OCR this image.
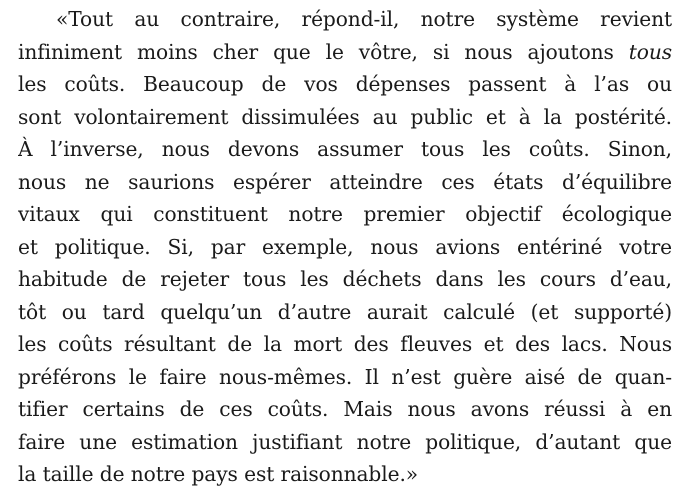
«Tout au contraire, répond-il, notre système revient
infiniment moins cher que le vôtre, si nous ajoutons tous
les coûts. Beaucoup de vos dépenses passent à l’as ou
sont volontairement dissimulées au public et à la postérité.
À l’inverse, nous devons assumer tous les coûts. Sinon,
nous ne saurions espérer atteindre ces états d’équilibre
vitaux qui constituent notre premier objectif écologique
et politique. Si, par exemple, nous avions entériné votre
habitude de rejeter tous les déchets dans les cours d’eau,
tôt ou tard quelqu’un d’autre aurait calculé (et supporté)
les coûts résultant de la mort des fleuves et des lacs. Nous
préférons le faire nous-mêmes. Il n’est guère aisé de quan-
tifier certains de ces coûts. Mais nous avons réussi à en
faire une estimation justifiant notre politique, d’autant que
la taille de notre pays est raisonnable.»
